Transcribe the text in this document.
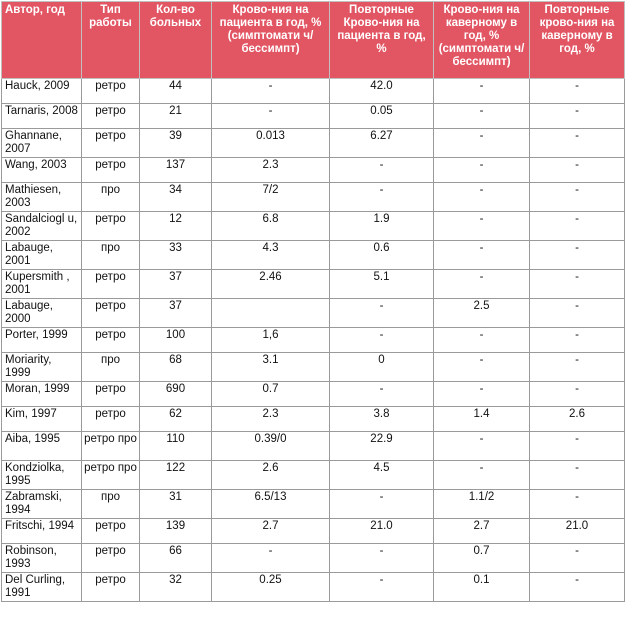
Автор, год	Тип работы	Кол-во больных	Крово-ния на пациента в год, % (симптомати ч/бессимпт)	Повторные Крово-ния на пациента в год, %	Крово-ния на каверному в год, % (симптомати ч/бессимпт)	Повторные крово-ния на каверному в год, %
Hauck, 2009	ретро	44	-	42.0	-	-
Tarnaris, 2008	ретро	21	-	0.05	-	-
Ghannane, 2007	ретро	39	0.013	6.27	-	-
Wang, 2003	ретро	137	2.3	-	-	-
Mathiesen, 2003	про	34	7/2	-	-	-
Sandalciogl u, 2002	ретро	12	6.8	1.9	-	-
Labauge, 2001	про	33	4.3	0.6	-	-
Kupersmith , 2001	ретро	37	2.46	5.1	-	-
Labauge, 2000	ретро	37		-	2.5	-
Porter, 1999	ретро	100	1,6	-	-	-
Moriarity, 1999	про	68	3.1	0	-	-
Moran, 1999	ретро	690	0.7	-	-	-
Kim, 1997	ретро	62	2.3	3.8	1.4	2.6
Aiba, 1995	ретро про	110	0.39/0	22.9	-	-
Kondziolka, 1995	ретро про	122	2.6	4.5	-	-
Zabramski, 1994	про	31	6.5/13	-	1.1/2	-
Fritschi, 1994	ретро	139	2.7	21.0	2.7	21.0
Robinson, 1993	ретро	66	-	-	0.7	-
Del Curling, 1991	ретро	32	0.25	-	0.1	-
